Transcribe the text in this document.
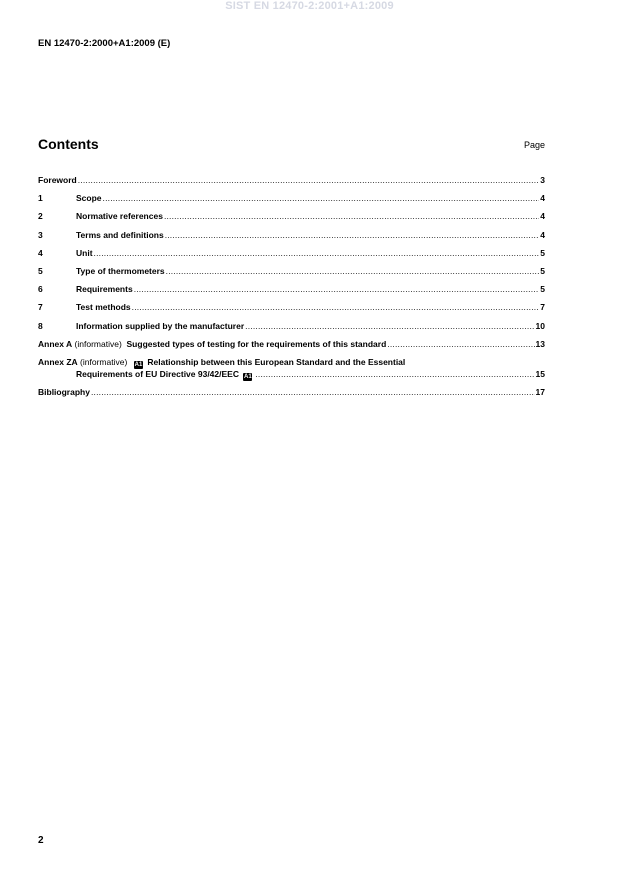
SIST EN 12470-2:2001+A1:2009
EN 12470-2:2000+A1:2009 (E)
Contents	Page
Foreword .....	3
1	Scope .....	4
2	Normative references .....	4
3	Terms and definitions .....	4
4	Unit .....	5
5	Type of thermometers .....	5
6	Requirements .....	5
7	Test methods .....	7
8	Information supplied by the manufacturer .....	10
Annex A (informative) Suggested types of testing for the requirements of this standard .....	13
Annex ZA (informative) A1 Relationship between this European Standard and the Essential
Requirements of EU Directive 93/42/EEC A1 .....	15
Bibliography .....	17
2
